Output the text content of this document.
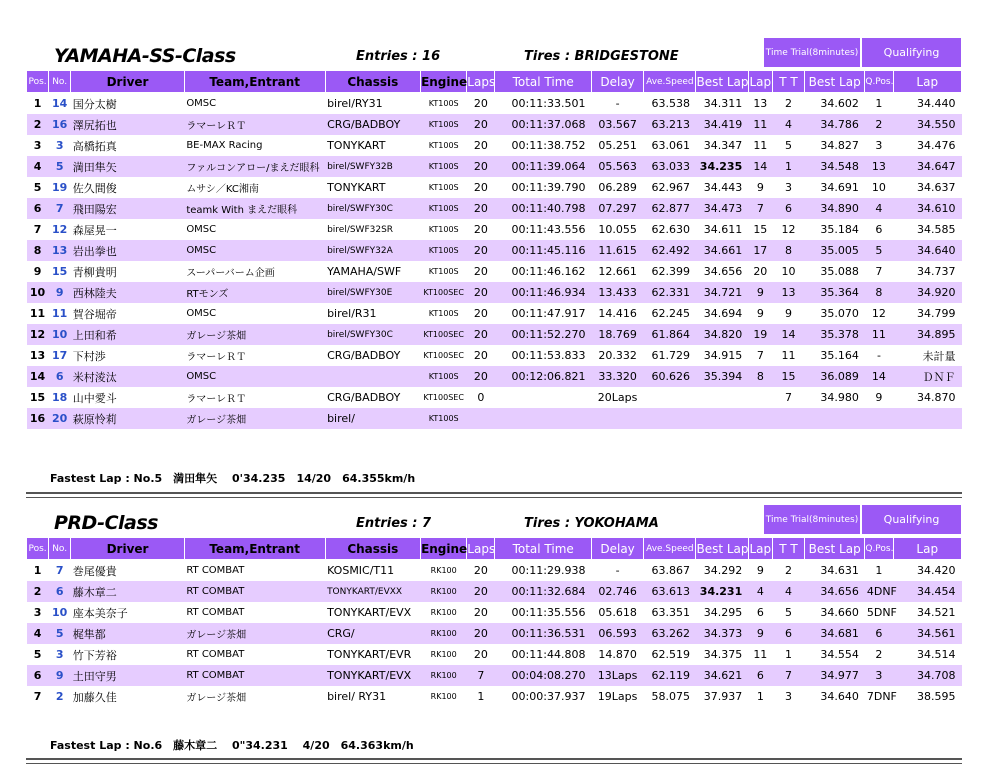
YAMAHA-SS-Class	Entries : 16	Tires : BRIDGESTONE	Time Trial(8minutes)	Qualifying
Pos.	No.	Driver	Team,Entrant	Chassis	Engine	Laps	Total Time	Delay	Ave.Speed	Best Lap	Lap	T T	Best Lap	Q.Pos.	Lap
1	14	国分太樹	OMSC	birel/RY31	KT100S	20	00:11:33.501	-	63.538	34.311	13	2	34.602	1	34.440
2	16	澤尻拓也	ラマーレＲＴ	CRG/BADBOY	KT100S	20	00:11:37.068	03.567	63.213	34.419	11	4	34.786	2	34.550
3	3	高橋拓真	BE-MAX Racing	TONYKART	KT100S	20	00:11:38.752	05.251	63.061	34.347	11	5	34.827	3	34.476
4	5	満田隼矢	ファルコンアロー/まえだ眼科	birel/SWFY32B	KT100S	20	00:11:39.064	05.563	63.033	34.235	14	1	34.548	13	34.647
5	19	佐久間俊	ムサシ／KC湘南	TONYKART	KT100S	20	00:11:39.790	06.289	62.967	34.443	9	3	34.691	10	34.637
6	7	飛田陽宏	teamk With まえだ眼科	birel/SWFY30C	KT100S	20	00:11:40.798	07.297	62.877	34.473	7	6	34.890	4	34.610
7	12	森屋晃一	OMSC	birel/SWF32SR	KT100S	20	00:11:43.556	10.055	62.630	34.611	15	12	35.184	6	34.585
8	13	岩出拳也	OMSC	birel/SWFY32A	KT100S	20	00:11:45.116	11.615	62.492	34.661	17	8	35.005	5	34.640
9	15	青柳貴明	スーパーバーム企画	YAMAHA/SWF	KT100S	20	00:11:46.162	12.661	62.399	34.656	20	10	35.088	7	34.737
10	9	西林陸夫	RTモンズ	birel/SWFY30E	KT100SEC	20	00:11:46.934	13.433	62.331	34.721	9	13	35.364	8	34.920
11	11	賀谷堀帝	OMSC	birel/R31	KT100S	20	00:11:47.917	14.416	62.245	34.694	9	9	35.070	12	34.799
12	10	上田和希	ガレージ茶畑	birel/SWFY30C	KT100SEC	20	00:11:52.270	18.769	61.864	34.820	19	14	35.378	11	34.895
13	17	下村渉	ラマーレＲＴ	CRG/BADBOY	KT100SEC	20	00:11:53.833	20.332	61.729	34.915	7	11	35.164	-	未計量
14	6	米村淩汰	OMSC		KT100S	20	00:12:06.821	33.320	60.626	35.394	8	15	36.089	14	ＤＮＦ
15	18	山中愛斗	ラマーレＲＴ	CRG/BADBOY	KT100SEC	0		20Laps				7	34.980	9	34.870
16	20	萩原怜莉	ガレージ茶畑	birel/	KT100S										
Fastest Lap : No.5　満田隼矢　 0'34.235　14/20　64.355km/h
PRD-Class	Entries : 7	Tires : YOKOHAMA	Time Trial(8minutes)	Qualifying
Pos.	No.	Driver	Team,Entrant	Chassis	Engine	Laps	Total Time	Delay	Ave.Speed	Best Lap	Lap	T T	Best Lap	Q.Pos.	Lap
1	7	巻尾優貴	RT COMBAT	KOSMIC/T11	RK100	20	00:11:29.938	-	63.867	34.292	9	2	34.631	1	34.420
2	6	藤木章二	RT COMBAT	TONYKART/EVXX	RK100	20	00:11:32.684	02.746	63.613	34.231	4	4	34.656	4DNF	34.454
3	10	座本美奈子	RT COMBAT	TONYKART/EVX	RK100	20	00:11:35.556	05.618	63.351	34.295	6	5	34.660	5DNF	34.521
4	5	梶隼都	ガレージ茶畑	CRG/	RK100	20	00:11:36.531	06.593	63.262	34.373	9	6	34.681	6	34.561
5	3	竹下芳裕	RT COMBAT	TONYKART/EVR	RK100	20	00:11:44.808	14.870	62.519	34.375	11	1	34.554	2	34.514
6	9	土田守男	RT COMBAT	TONYKART/EVX	RK100	7	00:04:08.270	13Laps	62.119	34.621	6	7	34.977	3	34.708
7	2	加藤久佳	ガレージ茶畑	birel/ RY31	RK100	1	00:00:37.937	19Laps	58.075	37.937	1	3	34.640	7DNF	38.595
Fastest Lap : No.6　藤木章二　 0"34.231　 4/20　64.363km/h
